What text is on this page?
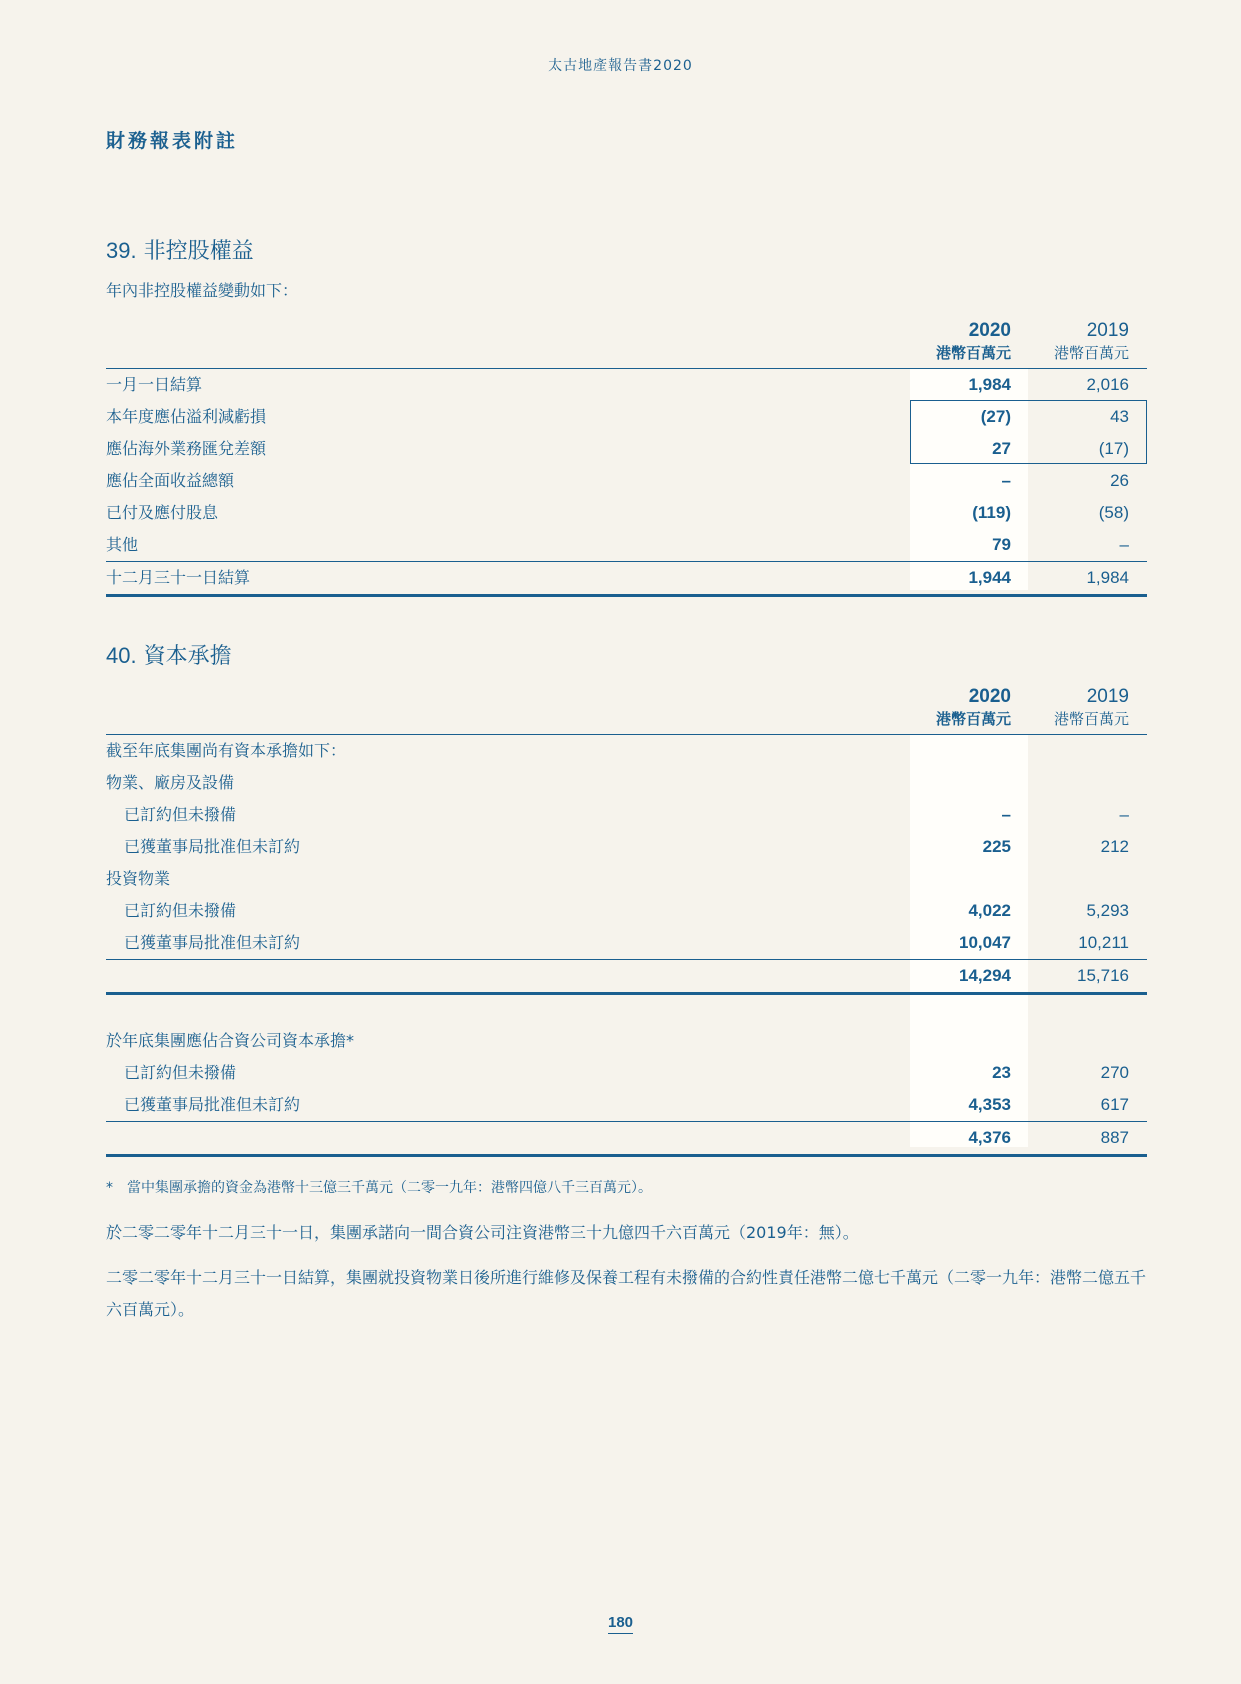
太古地產報告書2020
財務報表附註
39. 非控股權益
年內非控股權益變動如下：
2020	2019
港幣百萬元	港幣百萬元
一月一日結算	1,984	2,016
本年度應佔溢利減虧損	(27)	43
應佔海外業務匯兌差額	27	(17)
應佔全面收益總額	–	26
已付及應付股息	(119)	(58)
其他	79	–
十二月三十一日結算	1,944	1,984
40. 資本承擔
2020	2019
港幣百萬元	港幣百萬元
截至年底集團尚有資本承擔如下：
物業、廠房及設備
已訂約但未撥備	–	–
已獲董事局批准但未訂約	225	212
投資物業
已訂約但未撥備	4,022	5,293
已獲董事局批准但未訂約	10,047	10,211
14,294	15,716
於年底集團應佔合資公司資本承擔*
已訂約但未撥備	23	270
已獲董事局批准但未訂約	4,353	617
4,376	887
*　當中集團承擔的資金為港幣十三億三千萬元（二零一九年：港幣四億八千三百萬元）。
於二零二零年十二月三十一日，集團承諾向一間合資公司注資港幣三十九億四千六百萬元（2019年：無）。
二零二零年十二月三十一日結算，集團就投資物業日後所進行維修及保養工程有未撥備的合約性責任港幣二億七千萬元（二零一九年：港幣二億五千六百萬元）。
180
